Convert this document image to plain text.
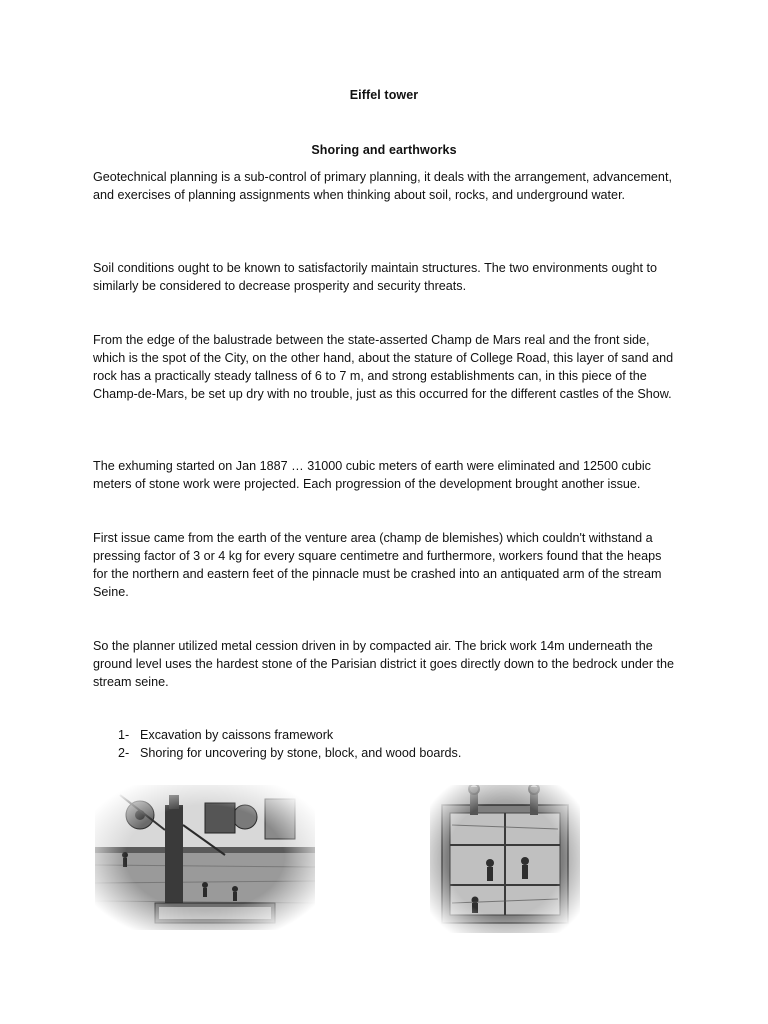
Eiffel tower
Shoring and earthworks

Geotechnical planning is a sub-control of primary planning, it deals with the arrangement, advancement, and exercises of planning assignments when thinking about soil, rocks, and underground water.

Soil conditions ought to be known to satisfactorily maintain structures. The two environments ought to similarly be considered to decrease prosperity and security threats.

From the edge of the balustrade between the state-asserted Champ de Mars real and the front side, which is the spot of the City, on the other hand, about the stature of College Road, this layer of sand and rock has a practically steady tallness of 6 to 7 m, and strong establishments can, in this piece of the Champ-de-Mars, be set up dry with no trouble, just as this occurred for the different castles of the Show.

The exhuming started on Jan 1887 … 31000 cubic meters of earth were eliminated and 12500 cubic meters of stone work were projected. Each progression of the development brought another issue.

First issue came from the earth of the venture area (champ de blemishes) which couldn't withstand a pressing factor of 3 or 4 kg for every square centimetre and furthermore, workers found that the heaps for the northern and eastern feet of the pinnacle must be crashed into an antiquated arm of the stream Seine.

So the planner utilized metal cession driven in by compacted air. The brick work 14m underneath the ground level uses the hardest stone of the Parisian district it goes directly down to the bedrock under the stream seine.

1- Excavation by caissons framework
2- Shoring for uncovering by stone, block, and wood boards.
